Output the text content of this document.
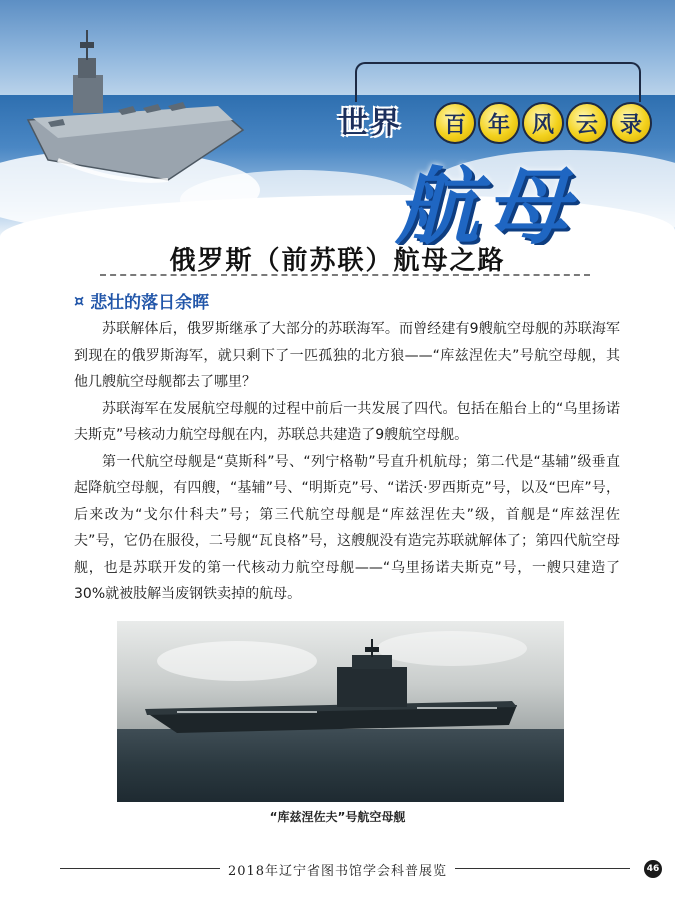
世界	百 年 风 云 录
航母
俄罗斯（前苏联）航母之路
¤ 悲壮的落日余晖

苏联解体后，俄罗斯继承了大部分的苏联海军。而曾经建有9艘航空母舰的苏联海军到现在的俄罗斯海军，就只剩下了一匹孤独的北方狼——“库兹涅佐夫”号航空母舰，其他几艘航空母舰都去了哪里？

苏联海军在发展航空母舰的过程中前后一共发展了四代。包括在船台上的“乌里扬诺夫斯克”号核动力航空母舰在内，苏联总共建造了9艘航空母舰。

第一代航空母舰是“莫斯科”号、“列宁格勒”号直升机航母；第二代是“基辅”级垂直起降航空母舰，有四艘，“基辅”号、“明斯克”号、“诺沃·罗西斯克”号，以及“巴库”号，后来改为“戈尔什科夫”号；第三代航空母舰是“库兹涅佐夫”级，首舰是“库兹涅佐夫”号，它仍在服役，二号舰“瓦良格”号，这艘舰没有造完苏联就解体了；第四代航空母舰，也是苏联开发的第一代核动力航空母舰——“乌里扬诺夫斯克”号，一艘只建造了30%就被肢解当废钢铁卖掉的航母。

“库兹涅佐夫”号航空母舰
2018年辽宁省图书馆学会科普展览	46
